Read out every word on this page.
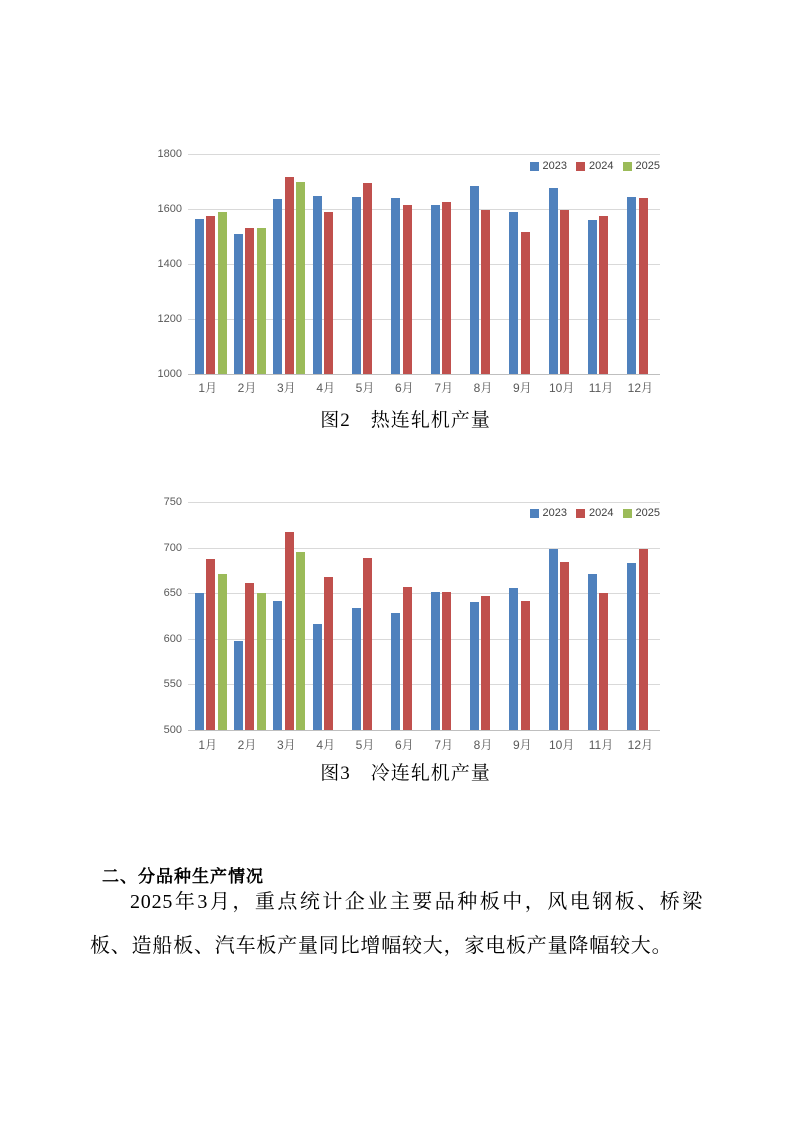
1000
1200
1400
1600
1800
2023 2024 2025
1月	2月	3月	4月	5月	6月	7月	8月	9月	10月	11月	12月
图2　热连轧机产量
500
550
600
650
700
750
2023 2024 2025
1月	2月	3月	4月	5月	6月	7月	8月	9月	10月	11月	12月
图3　冷连轧机产量
二、分品种生产情况
2025年3月，重点统计企业主要品种板中，风电钢板、桥梁
板、造船板、汽车板产量同比增幅较大，家电板产量降幅较大。
